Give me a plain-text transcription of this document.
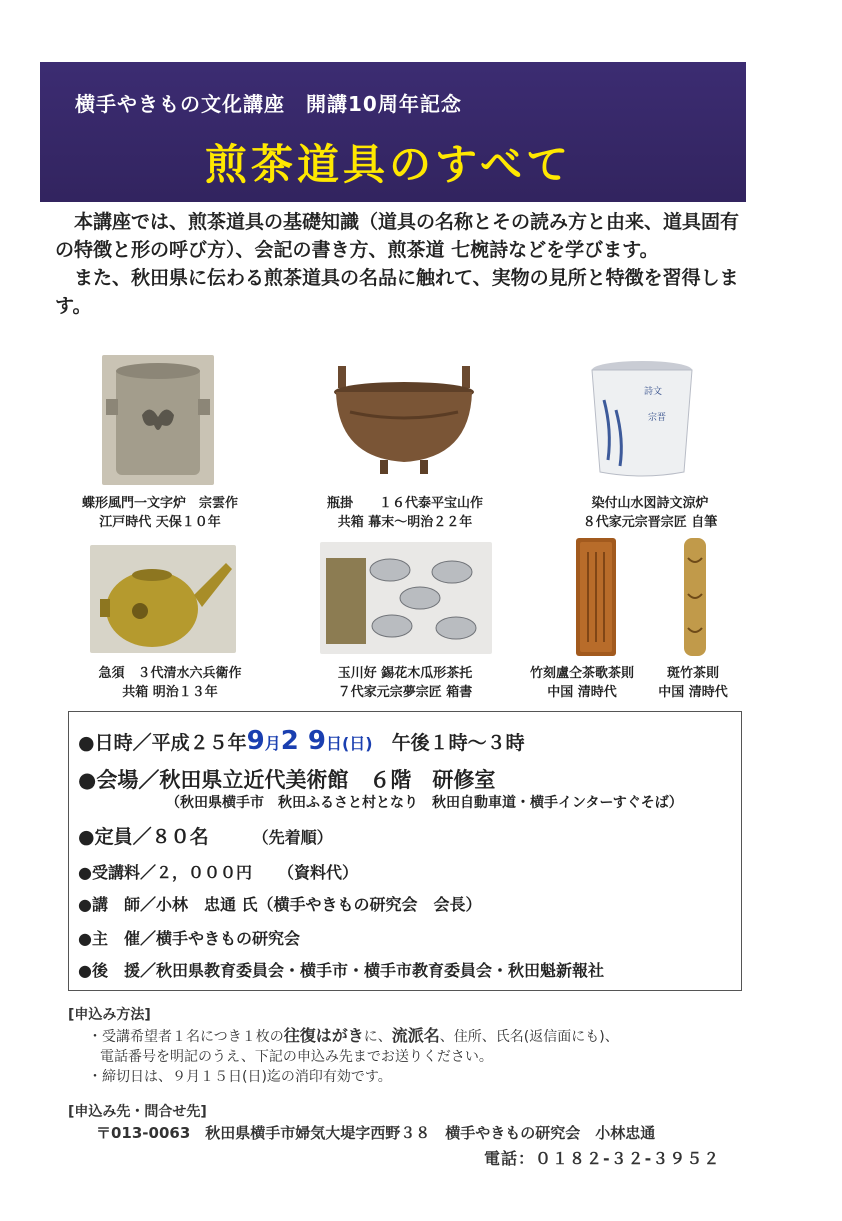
横手やきもの文化講座　開講10周年記念
煎茶道具のすべて

　本講座では、煎茶道具の基礎知識（道具の名称とその読み方と由来、道具固有の特徴と形の呼び方）、会記の書き方、煎茶道 七椀詩などを学びます。

　また、秋田県に伝わる煎茶道具の名品に触れて、実物の見所と特徴を習得します。

詩文
宗晋
蝶形風門一文字炉　宗雲作
江戸時代 天保１０年
瓶掛　　１６代泰平宝山作
共箱 幕末～明治２２年
染付山水図詩文涼炉
８代家元宗晋宗匠 自筆
急須　３代清水六兵衛作
共箱 明治１３年
玉川好 錫花木瓜形茶托
７代家元宗夢宗匠 箱書
竹刻盧仝茶歌茶則
中国 清時代
斑竹茶則
中国 清時代
●日時／平成２５年9月2 9日(日)　午後１時～３時
●会場／秋田県立近代美術館　６階　研修室
（秋田県横手市　秋田ふるさと村となり　秋田自動車道・横手インターすぐそば）
●定員／８０名	（先着順）
●受講料／２，０００円 （資料代）
●講　師／小林　忠通 氏（横手やきもの研究会　会長）
●主　催／横手やきもの研究会
●後　援／秋田県教育委員会・横手市・横手市教育委員会・秋田魁新報社
[申込み方法]
・受講希望者１名につき１枚の往復はがきに、流派名、住所、氏名(返信面にも)、
電話番号を明記のうえ、下記の申込み先までお送りください。
・締切日は、９月１５日(日)迄の消印有効です。
[申込み先・問合せ先]
〒013-0063　秋田県横手市婦気大堤字西野３８　横手やきもの研究会　小林忠通
電話：０１８２-３２-３９５２
